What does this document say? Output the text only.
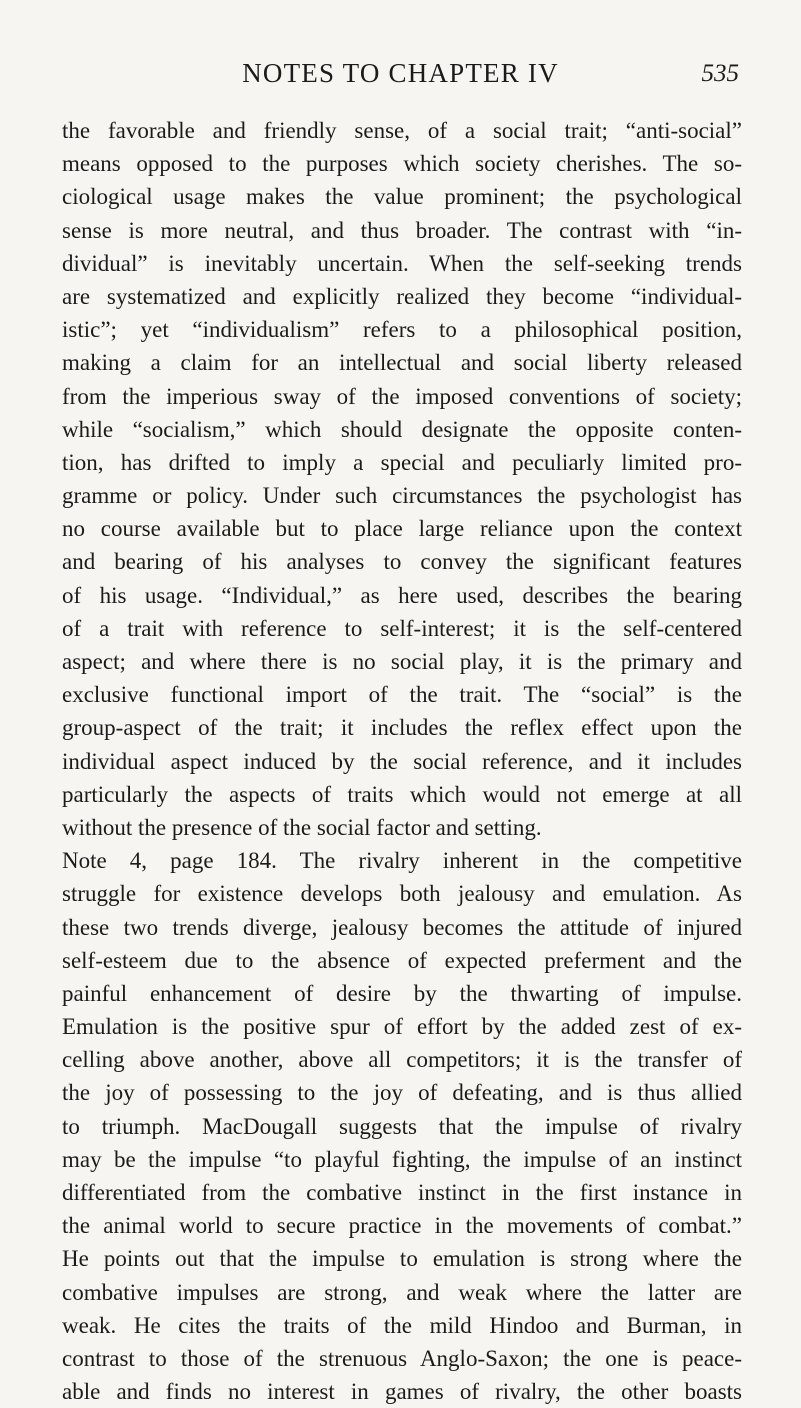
NOTES TO CHAPTER IV	535
the favorable and friendly sense, of a social trait; “anti-social”
means opposed to the purposes which society cherishes. The so-
ciological usage makes the value prominent; the psychological
sense is more neutral, and thus broader. The contrast with “in-
dividual” is inevitably uncertain. When the self-seeking trends
are systematized and explicitly realized they become “individual-
istic”; yet “individualism” refers to a philosophical position,
making a claim for an intellectual and social liberty released
from the imperious sway of the imposed conventions of society;
while “socialism,” which should designate the opposite conten-
tion, has drifted to imply a special and peculiarly limited pro-
gramme or policy. Under such circumstances the psychologist has
no course available but to place large reliance upon the context
and bearing of his analyses to convey the significant features
of his usage. “Individual,” as here used, describes the bearing
of a trait with reference to self-interest; it is the self-centered
aspect; and where there is no social play, it is the primary and
exclusive functional import of the trait. The “social” is the
group-aspect of the trait; it includes the reflex effect upon the
individual aspect induced by the social reference, and it includes
particularly the aspects of traits which would not emerge at all
without the presence of the social factor and setting.
Note 4, page 184. The rivalry inherent in the competitive
struggle for existence develops both jealousy and emulation. As
these two trends diverge, jealousy becomes the attitude of injured
self-esteem due to the absence of expected preferment and the
painful enhancement of desire by the thwarting of impulse.
Emulation is the positive spur of effort by the added zest of ex-
celling above another, above all competitors; it is the transfer of
the joy of possessing to the joy of defeating, and is thus allied
to triumph. MacDougall suggests that the impulse of rivalry
may be the impulse “to playful fighting, the impulse of an instinct
differentiated from the combative instinct in the first instance in
the animal world to secure practice in the movements of combat.”
He points out that the impulse to emulation is strong where the
combative impulses are strong, and weak where the latter are
weak. He cites the traits of the mild Hindoo and Burman, in
contrast to those of the strenuous Anglo-Saxon; the one is peace-
able and finds no interest in games of rivalry, the other boasts
